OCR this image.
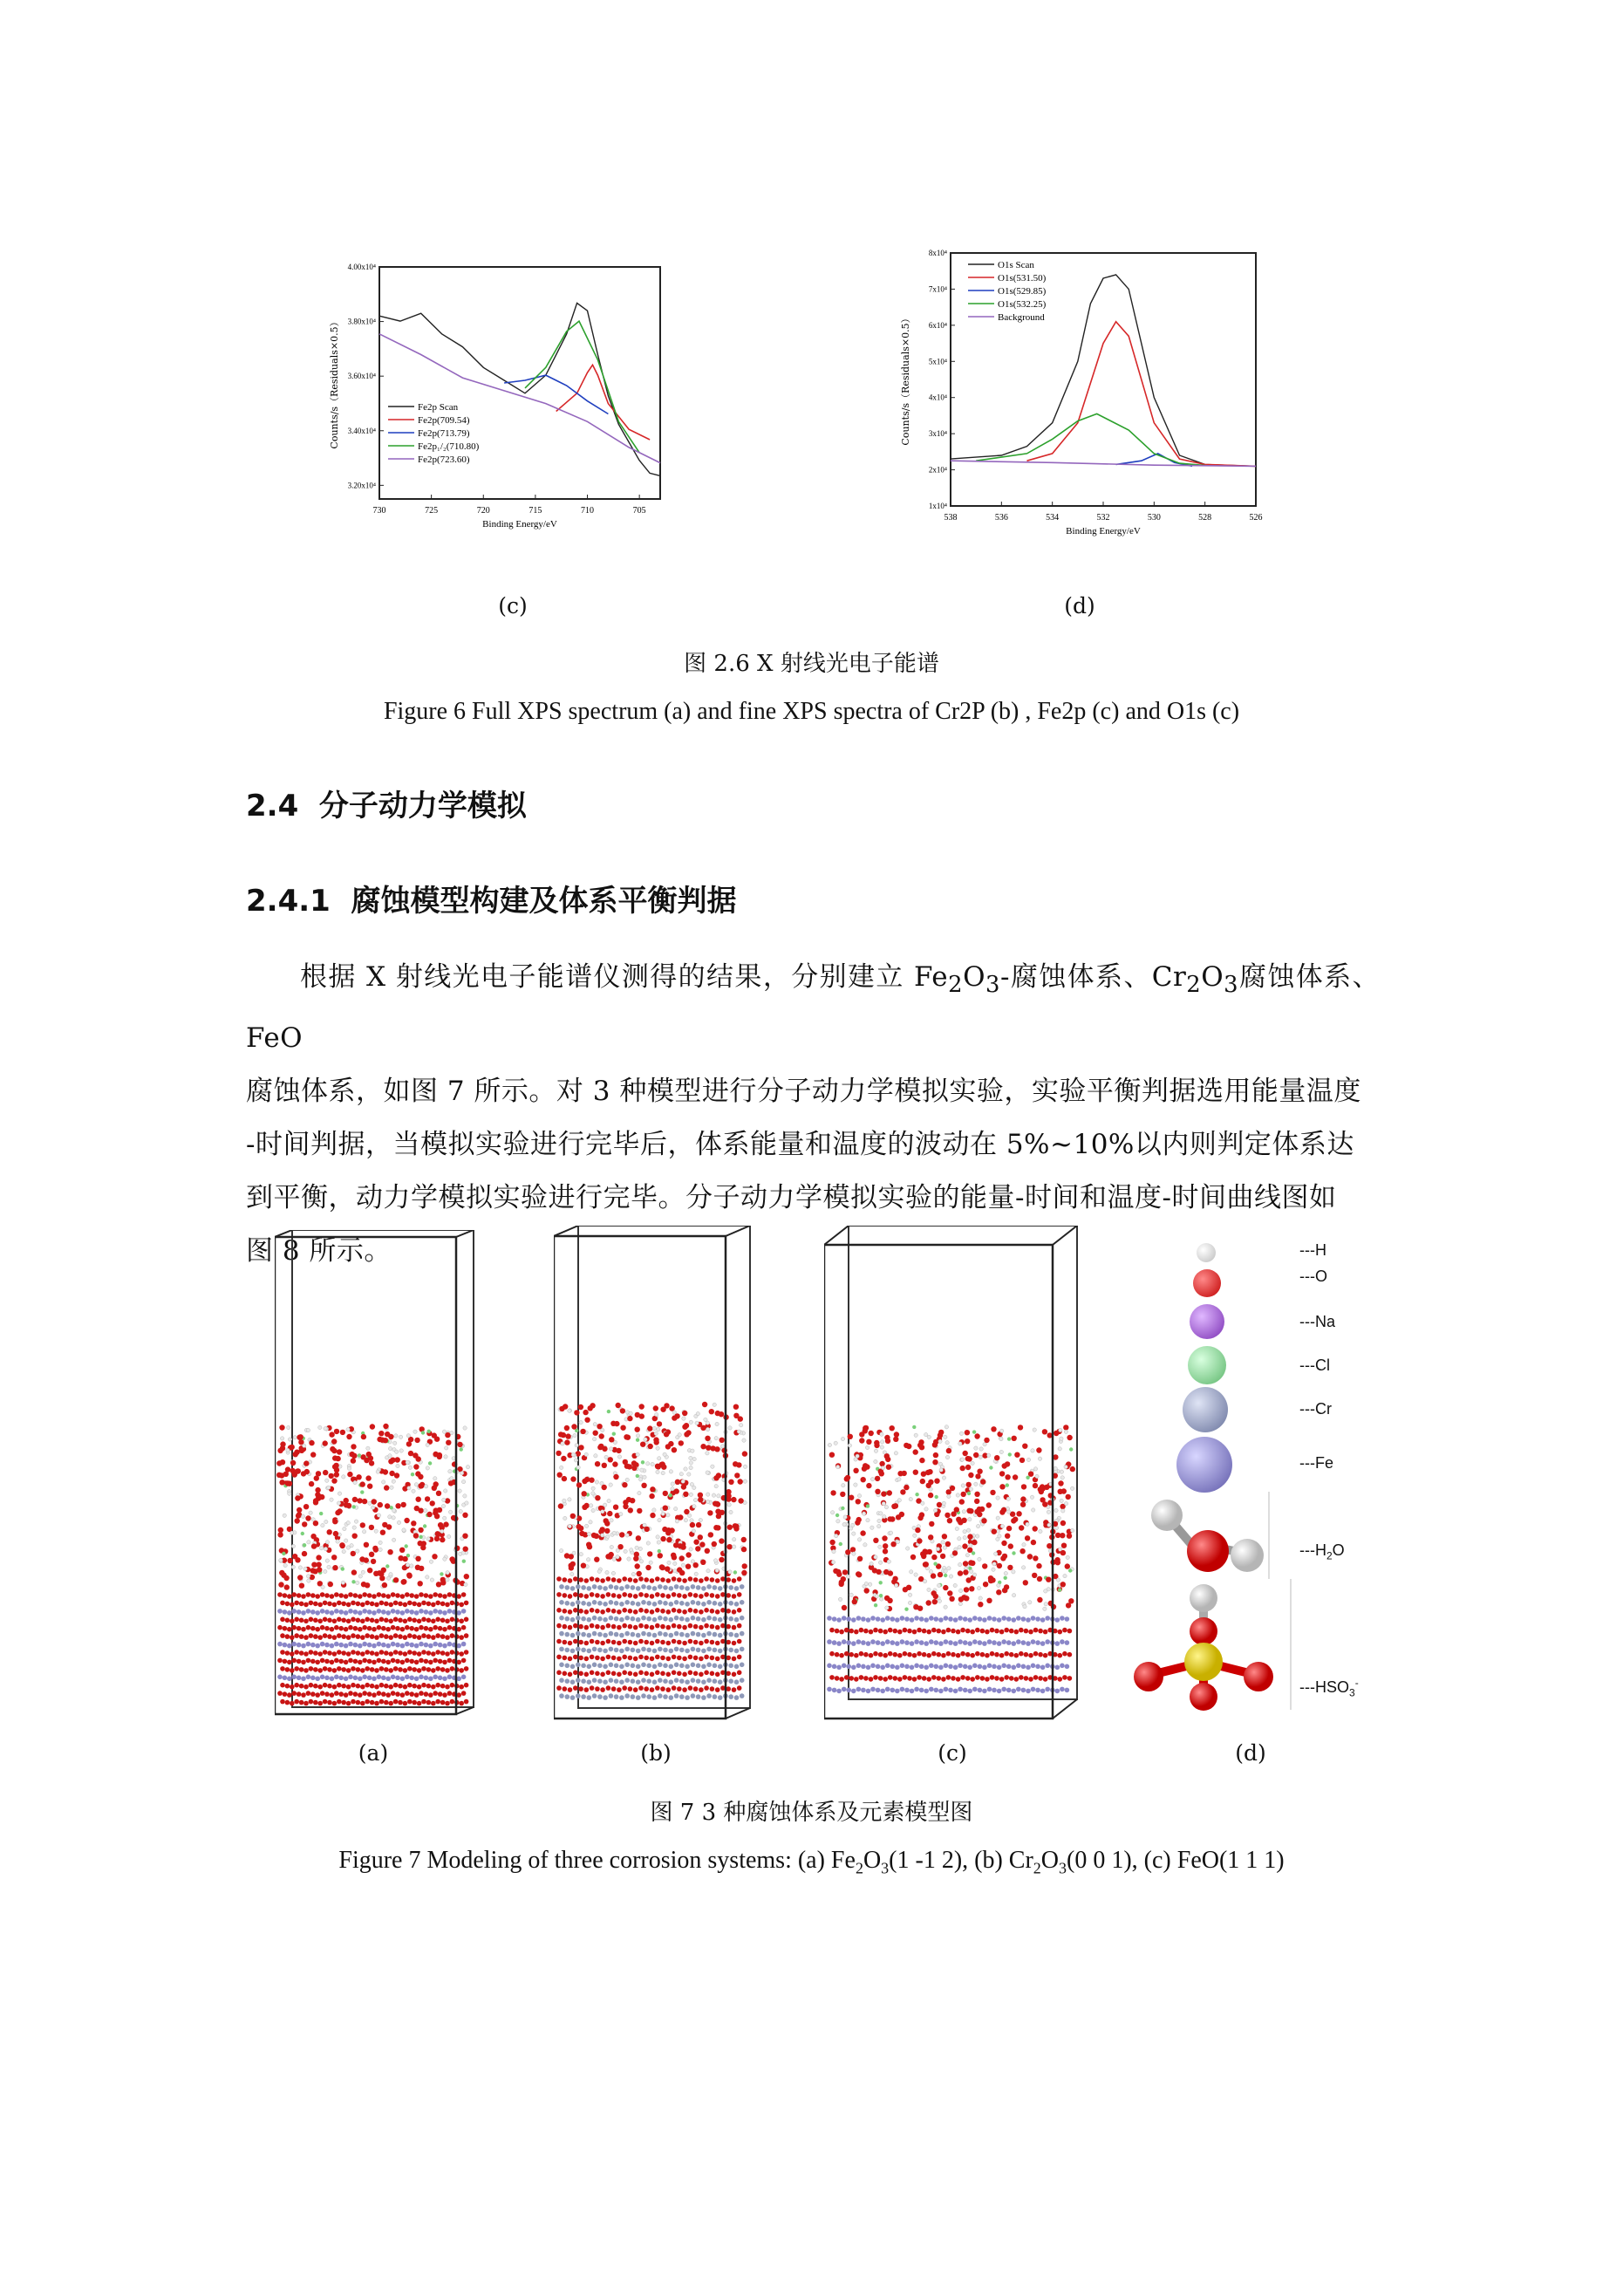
730	725	720	715	710	705
4.00x10⁴
3.80x10⁴
3.60x10⁴
3.40x10⁴
3.20x10⁴
Fe2p Scan
Fe2p(709.54)
Fe2p(713.79)
Fe2p₁/₂(710.80)
Fe2p(723.60)
Binding Energy/eV
Counts/s（Residuals×0.5）
538	536	534	532	530	528	526
8x10⁴
7x10⁴
6x10⁴
5x10⁴
4x10⁴
3x10⁴
2x10⁴
1x10⁴
O1s Scan
O1s(531.50)
O1s(529.85)
O1s(532.25)
Background
Binding Energy/eV
Counts/s（Residuals×0.5）
(c)	(d)
图 2.6 X 射线光电子能谱
Figure 6 Full XPS spectrum (a) and fine XPS spectra of Cr2P (b) , Fe2p (c) and O1s (c)
2.4 分子动力学模拟
2.4.1 腐蚀模型构建及体系平衡判据

根据 X 射线光电子能谱仪测得的结果，分别建立 $Fe_2O_3-$腐蚀体系、$Cr_2O_3$腐蚀体系、FeO

腐蚀体系，如图 7 所示。对 3 种模型进行分子动力学模拟实验，实验平衡判据选用能量温度

-时间判据，当模拟实验进行完毕后，体系能量和温度的波动在 5%~10%以内则判定体系达

到平衡，动力学模拟实验进行完毕。分子动力学模拟实验的能量-时间和温度-时间曲线图如

图 8 所示。	---H
---O
---Na
---Cl
---Cr
---Fe
$---H_2O$
$---HSO_3^-$
(a)	(b)	(c)	(d)
图 7 3 种腐蚀体系及元素模型图
Figure 7 Modeling of three corrosion systems: (a) $Fe_2O_3(1$ -1 2), (b) $Cr_2O_3(0$ 0 1), (c) FeO(1 1 1)
